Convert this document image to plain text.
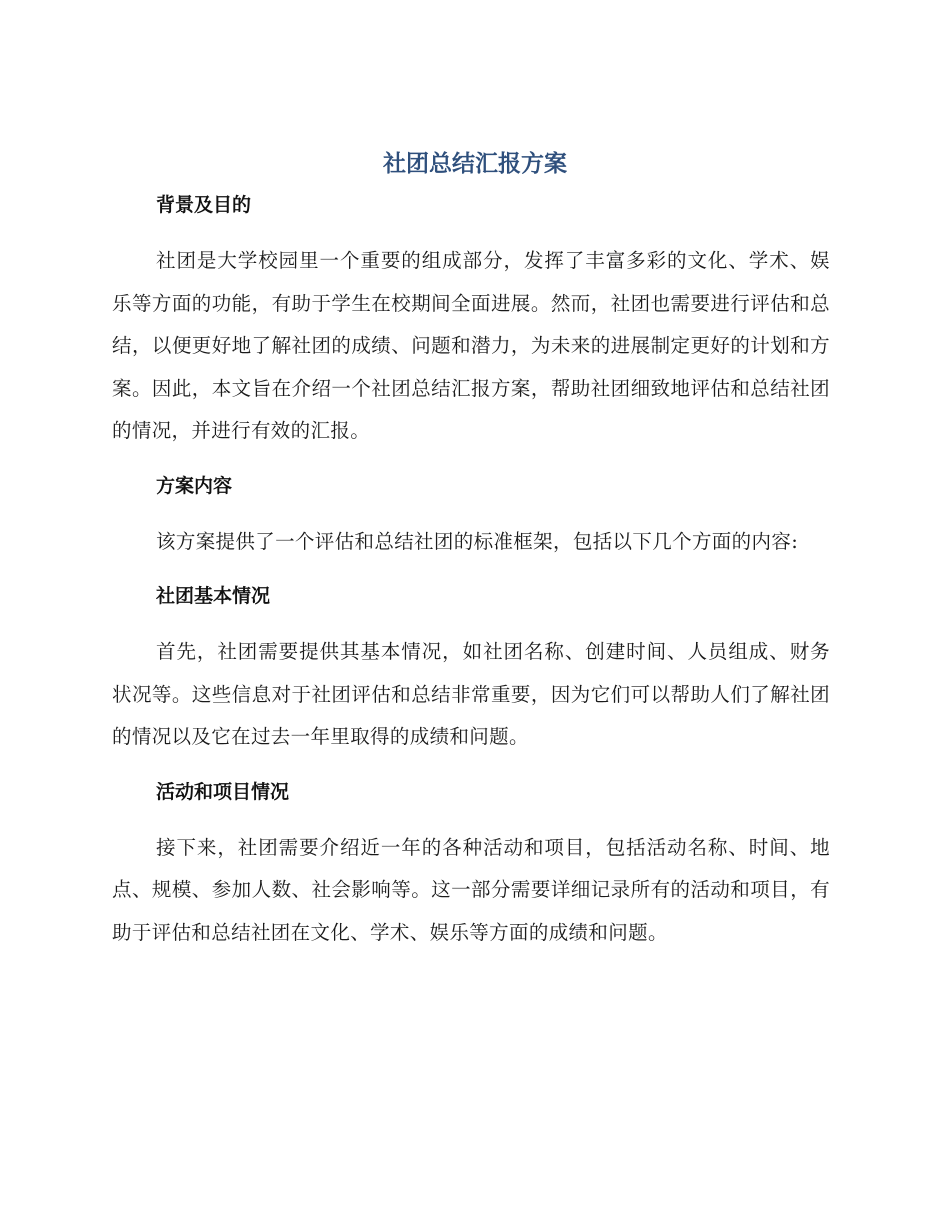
社团总结汇报方案
背景及目的

社团是大学校园里一个重要的组成部分，发挥了丰富多彩的文化、学术、娱乐等方面的功能，有助于学生在校期间全面进展。然而，社团也需要进行评估和总结，以便更好地了解社团的成绩、问题和潜力，为未来的进展制定更好的计划和方案。因此，本文旨在介绍一个社团总结汇报方案，帮助社团细致地评估和总结社团的情况，并进行有效的汇报。

方案内容

该方案提供了一个评估和总结社团的标准框架，包括以下几个方面的内容:

社团基本情况

首先，社团需要提供其基本情况，如社团名称、创建时间、人员组成、财务状况等。这些信息对于社团评估和总结非常重要，因为它们可以帮助人们了解社团的情况以及它在过去一年里取得的成绩和问题。

活动和项目情况

接下来，社团需要介绍近一年的各种活动和项目，包括活动名称、时间、地点、规模、参加人数、社会影响等。这一部分需要详细记录所有的活动和项目，有助于评估和总结社团在文化、学术、娱乐等方面的成绩和问题。
